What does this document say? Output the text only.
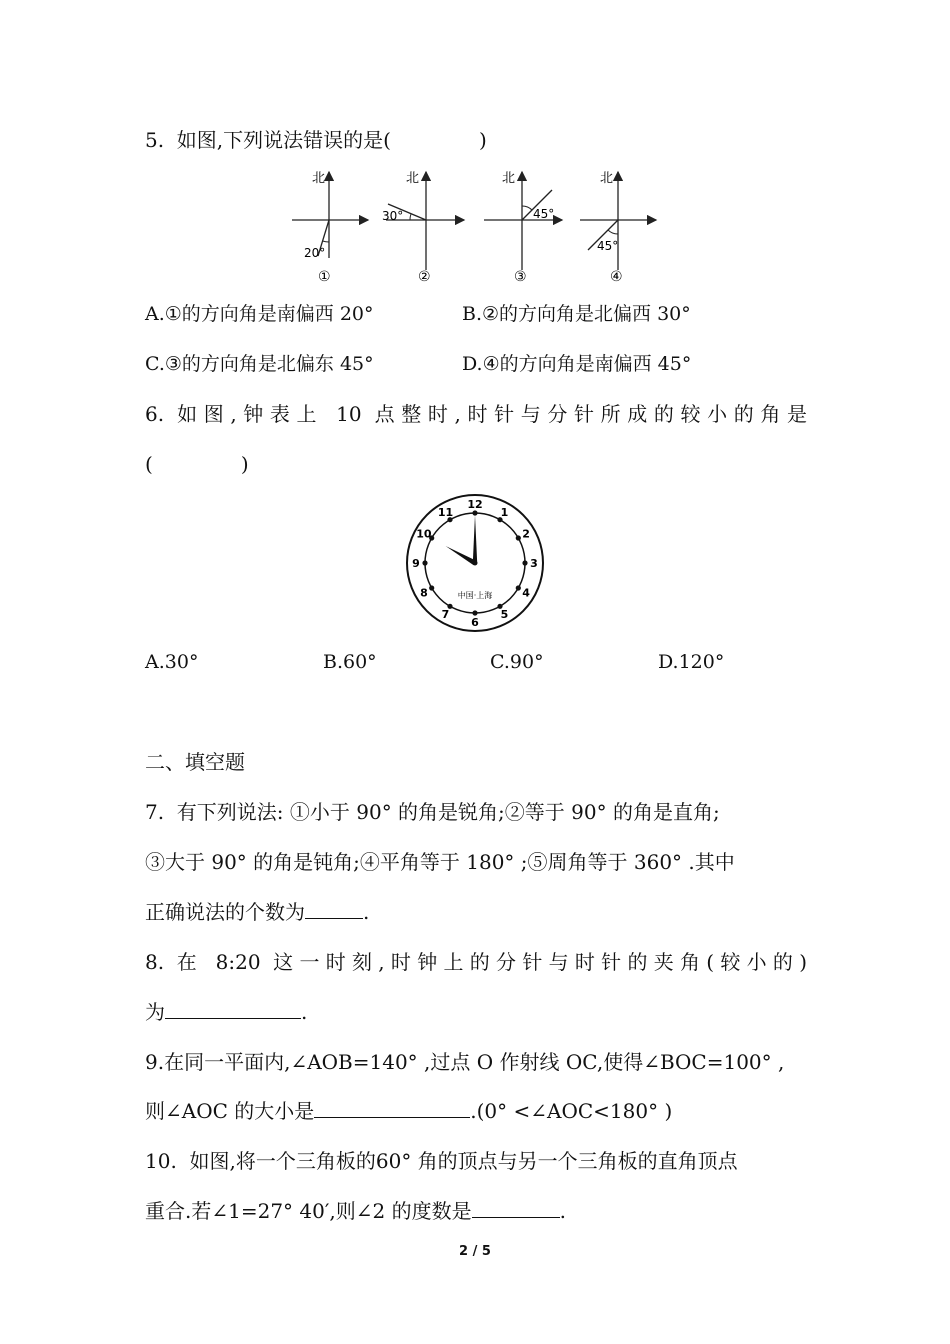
5.  如图,下列说法错误的是(	)
北
20°
①
北
30°
②
北
45°
③
北
45°
④
A.①的方向角是南偏西 20°	B.②的方向角是北偏西 30°
C.③的方向角是北偏东 45°	D.④的方向角是南偏西 45°
6. 如图,钟表上 10 点整时,时针与分针所成的较小的角是
(	)
12
1
2
3
4
5
6
7
8
9
10
11
中国·上海
A.30°	B.60°	C.90°	D.120°
二、填空题
7.  有下列说法: ①小于 90° 的角是锐角;②等于 90° 的角是直角;
③大于 90° 的角是钝角;④平角等于 180° ;⑤周角等于 360° .其中
正确说法的个数为	.
8. 在 8:20 这一时刻,时钟上的分针与时针的夹角(较小的)
为	.
9.在同一平面内,∠AOB=140° ,过点 O 作射线 OC,使得∠BOC=100° ,
则∠AOC 的大小是	.(0° <∠AOC<180° )
10.  如图,将一个三角板的60° 角的顶点与另一个三角板的直角顶点
重合.若∠1=27° 40′,则∠2 的度数是	.
2 / 5
